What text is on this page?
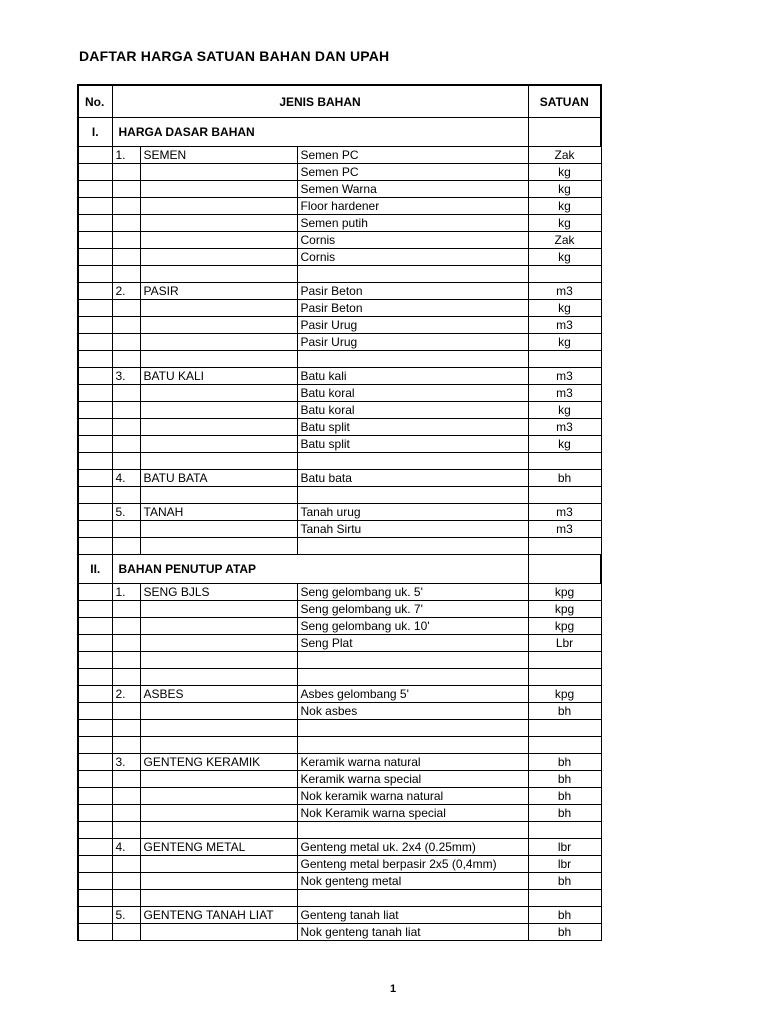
DAFTAR HARGA SATUAN BAHAN DAN UPAH
No.	JENIS BAHAN			SATUAN
I.	HARGA DASAR BAHAN			
	1.	SEMEN	Semen PC	Zak
			Semen PC	kg
			Semen Warna	kg
			Floor hardener	kg
			Semen putih	kg
			Cornis	Zak
			Cornis	kg

	2.	PASIR	Pasir Beton	m3
			Pasir Beton	kg
			Pasir Urug	m3
			Pasir Urug	kg

	3.	BATU KALI	Batu kali	m3
			Batu koral	m3
			Batu koral	kg
			Batu split	m3
			Batu split	kg

	4.	BATU BATA	Batu bata	bh

	5.	TANAH	Tanah urug	m3
			Tanah Sirtu	m3

II.	BAHAN PENUTUP ATAP			
	1.	SENG BJLS	Seng gelombang uk. 5'	kpg
			Seng gelombang uk. 7'	kpg
			Seng gelombang uk. 10'	kpg
			Seng Plat	Lbr

	2.	ASBES	Asbes gelombang 5'	kpg
			Nok asbes	bh

	3.	GENTENG KERAMIK	Keramik warna natural	bh
			Keramik warna special	bh
			Nok keramik warna natural	bh
			Nok Keramik warna special	bh

	4.	GENTENG METAL	Genteng metal uk. 2x4 (0.25mm)	lbr
			Genteng metal berpasir 2x5 (0,4mm)	lbr
			Nok genteng metal	bh

	5.	GENTENG TANAH LIAT	Genteng tanah liat	bh
			Nok genteng tanah liat	bh
1
